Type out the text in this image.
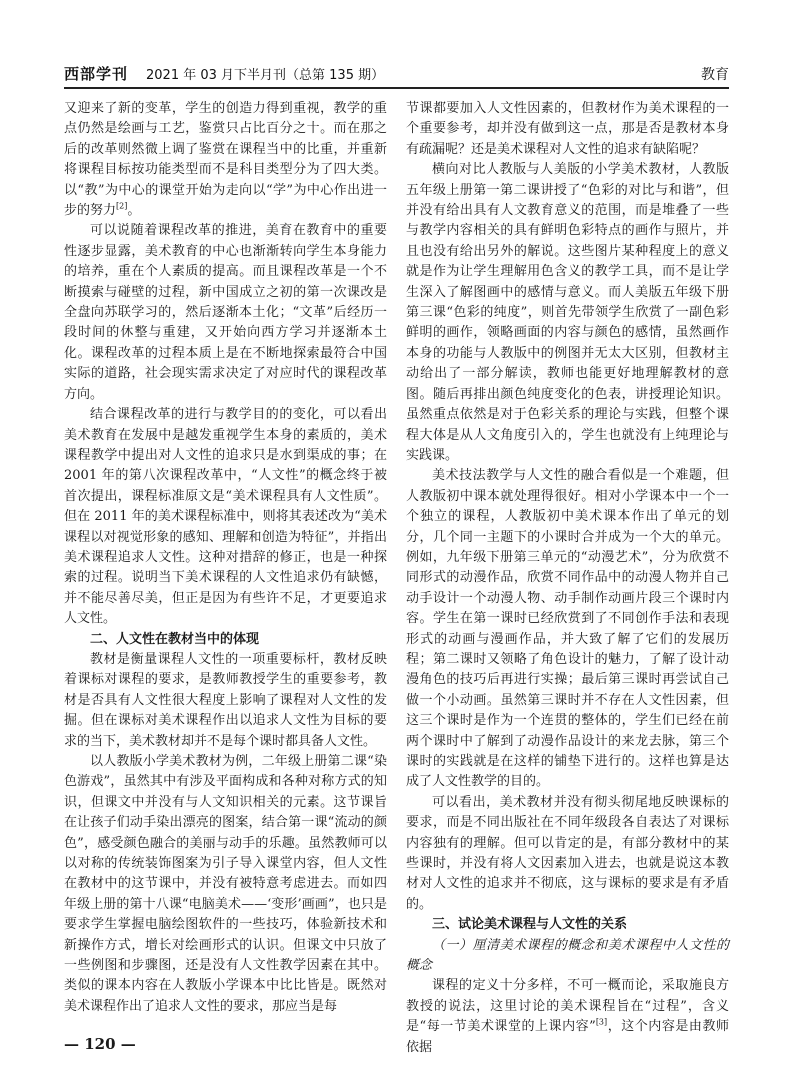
西部学刊 2021 年 03 月下半月刊（总第 135 期）	教育

又迎来了新的变革，学生的创造力得到重视，教学的重点仍然是绘画与工艺，鉴赏只占比百分之十。而在那之后的改革则然微上调了鉴赏在课程当中的比重，并重新将课程目标按功能类型而不是科目类型分为了四大类。以“教”为中心的课堂开始为走向以“学”为中心作出进一步的努力[2]。

可以说随着课程改革的推进，美育在教育中的重要性逐步显露，美术教育的中心也渐渐转向学生本身能力的培养，重在个人素质的提高。而且课程改革是一个不断摸索与碰壁的过程，新中国成立之初的第一次课改是全盘向苏联学习的，然后逐渐本土化；“文革”后经历一段时间的休整与重建，又开始向西方学习并逐渐本土化。课程改革的过程本质上是在不断地探索最符合中国实际的道路，社会现实需求决定了对应时代的课程改革方向。

结合课程改革的进行与教学目的的变化，可以看出美术教育在发展中是越发重视学生本身的素质的，美术课程教学中提出对人文性的追求只是水到渠成的事；在 2001 年的第八次课程改革中，“人文性”的概念终于被首次提出，课程标准原文是“美术课程具有人文性质”。但在 2011 年的美术课程标准中，则将其表述改为“美术课程以对视觉形象的感知、理解和创造为特征”，并指出美术课程追求人文性。这种对措辞的修正，也是一种探索的过程。说明当下美术课程的人文性追求仍有缺憾，并不能尽善尽美，但正是因为有些许不足，才更要追求人文性。

二、人文性在教材当中的体现

教材是衡量课程人文性的一项重要标杆，教材反映着课标对课程的要求，是教师教授学生的重要参考，教材是否具有人文性很大程度上影响了课程对人文性的发掘。但在课标对美术课程作出以追求人文性为目标的要求的当下，美术教材却并不是每个课时都具备人文性。

以人教版小学美术教材为例，二年级上册第二课“染色游戏”，虽然其中有涉及平面构成和各种对称方式的知识，但课文中并没有与人文知识相关的元素。这节课旨在让孩子们动手染出漂亮的图案，结合第一课“流动的颜色”，感受颜色融合的美丽与动手的乐趣。虽然教师可以以对称的传统装饰图案为引子导入课堂内容，但人文性在教材中的这节课中，并没有被特意考虑进去。而如四年级上册的第十八课“电脑美术——‘变形’画画”，也只是要求学生掌握电脑绘图软件的一些技巧，体验新技术和新操作方式，增长对绘画形式的认识。但课文中只放了一些例图和步骤图，还是没有人文性教学因素在其中。类似的课本内容在人教版小学课本中比比皆是。既然对美术课程作出了追求人文性的要求，那应当是每

节课都要加入人文性因素的，但教材作为美术课程的一个重要参考，却并没有做到这一点，那是否是教材本身有疏漏呢？还是美术课程对人文性的追求有缺陷呢？

横向对比人教版与人美版的小学美术教材，人教版五年级上册第一第二课讲授了“色彩的对比与和谐”，但并没有给出具有人文教育意义的范围，而是堆叠了一些与教学内容相关的具有鲜明色彩特点的画作与照片，并且也没有给出另外的解说。这些图片某种程度上的意义就是作为让学生理解用色含义的教学工具，而不是让学生深入了解图画中的感情与意义。而人美版五年级下册第三课“色彩的纯度”，则首先带领学生欣赏了一副色彩鲜明的画作，领略画面的内容与颜色的感情，虽然画作本身的功能与人教版中的例图并无太大区别，但教材主动给出了一部分解读，教师也能更好地理解教材的意图。随后再排出颜色纯度变化的色表，讲授理论知识。虽然重点依然是对于色彩关系的理论与实践，但整个课程大体是从人文角度引入的，学生也就没有上纯理论与实践课。

美术技法教学与人文性的融合看似是一个难题，但人教版初中课本就处理得很好。相对小学课本中一个一个独立的课程，人教版初中美术课本作出了单元的划分，几个同一主题下的小课时合并成为一个大的单元。例如，九年级下册第三单元的“动漫艺术”，分为欣赏不同形式的动漫作品，欣赏不同作品中的动漫人物并自己动手设计一个动漫人物、动手制作动画片段三个课时内容。学生在第一课时已经欣赏到了不同创作手法和表现形式的动画与漫画作品，并大致了解了它们的发展历程；第二课时又领略了角色设计的魅力，了解了设计动漫角色的技巧后再进行实操；最后第三课时再尝试自己做一个小动画。虽然第三课时并不存在人文性因素，但这三个课时是作为一个连贯的整体的，学生们已经在前两个课时中了解到了动漫作品设计的来龙去脉，第三个课时的实践就是在这样的铺垫下进行的。这样也算是达成了人文性教学的目的。

可以看出，美术教材并没有彻头彻尾地反映课标的要求，而是不同出版社在不同年级段各自表达了对课标内容独有的理解。但可以肯定的是，有部分教材中的某些课时，并没有将人文因素加入进去，也就是说这本教材对人文性的追求并不彻底，这与课标的要求是有矛盾的。

三、试论美术课程与人文性的关系
（一）厘清美术课程的概念和美术课程中人文性的概念

课程的定义十分多样，不可一概而论，采取施良方教授的说法，这里讨论的美术课程旨在“过程”，含义是“每一节美术课堂的上课内容”[3]，这个内容是由教师依据

— 120 —
